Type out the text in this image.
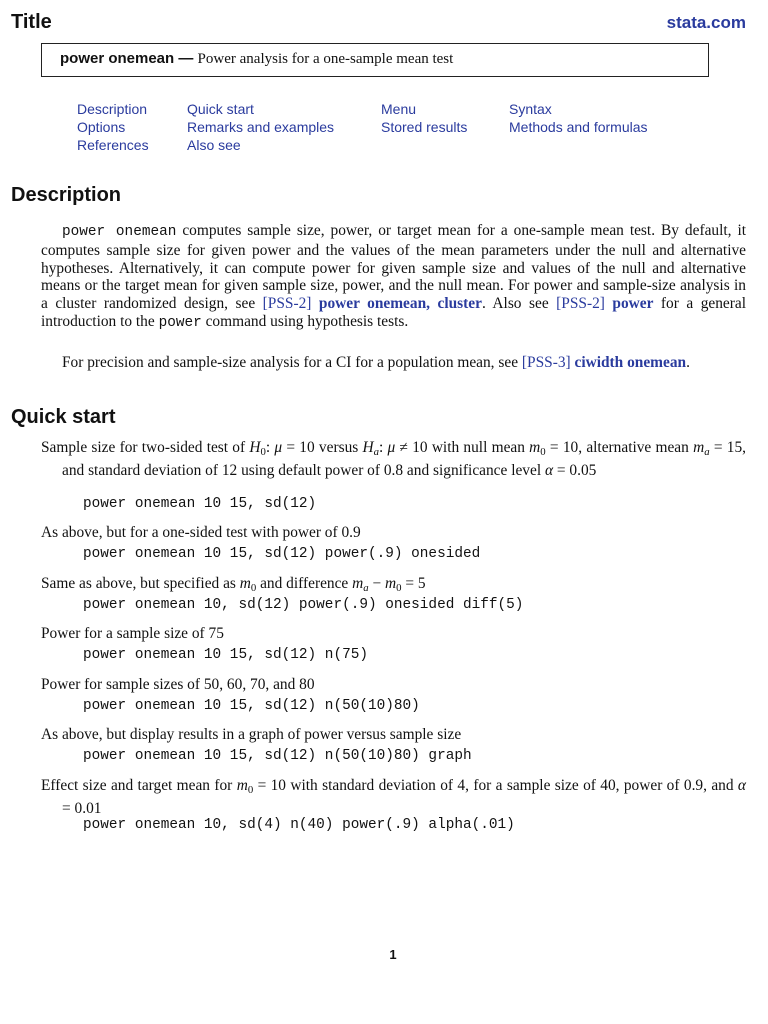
Title	stata.com
power onemean — Power analysis for a one-sample mean test
Description
Options
References
Quick start
Remarks and examples
Also see
Menu
Stored results
Syntax
Methods and formulas
Description
power onemean computes sample size, power, or target mean for a one-sample mean test. By default, it computes sample size for given power and the values of the mean parameters under the null and alternative hypotheses. Alternatively, it can compute power for given sample size and values of the null and alternative means or the target mean for given sample size, power, and the null mean. For power and sample-size analysis in a cluster randomized design, see [PSS-2] power onemean, cluster. Also see [PSS-2] power for a general introduction to the power command using hypothesis tests.
For precision and sample-size analysis for a CI for a population mean, see [PSS-3] ciwidth onemean.
Quick start
Sample size for two-sided test of $H_0$: μ = 10 versus $H_a$: μ ≠ 10 with null mean $m_0 = 10$, alternative mean $m_a = 15$, and standard deviation of 12 using default power of 0.8 and significance level α = 0.05
power onemean 10 15, sd(12)
As above, but for a one-sided test with power of 0.9
power onemean 10 15, sd(12) power(.9) onesided
Same as above, but specified as $m_0$ and difference $m_a - m_0 = 5$
power onemean 10, sd(12) power(.9) onesided diff(5)
Power for a sample size of 75
power onemean 10 15, sd(12) n(75)
Power for sample sizes of 50, 60, 70, and 80
power onemean 10 15, sd(12) n(50(10)80)
As above, but display results in a graph of power versus sample size
power onemean 10 15, sd(12) n(50(10)80) graph
Effect size and target mean for $m_0 = 10$ with standard deviation of 4, for a sample size of 40, power of 0.9, and α = 0.01
power onemean 10, sd(4) n(40) power(.9) alpha(.01)
1
